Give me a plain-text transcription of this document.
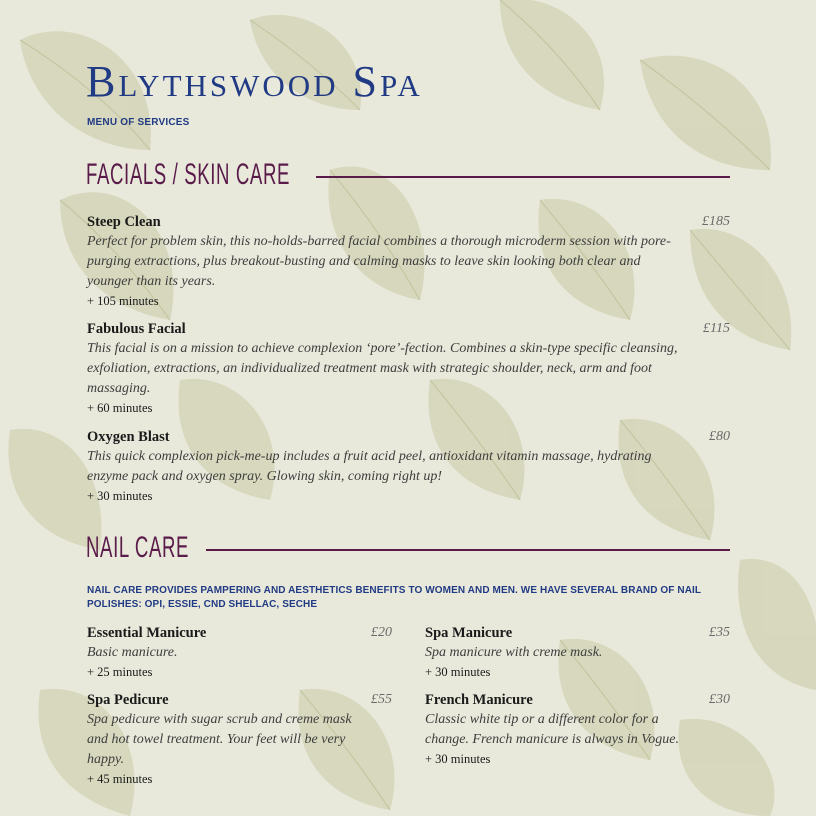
Blythswood Spa
MENU OF SERVICES
FACIALS / SKIN CARE
Steep Clean	£185
Perfect for problem skin, this no-holds-barred facial combines a thorough microderm session with pore-purging extractions, plus breakout-busting and calming masks to leave skin looking both clear and younger than its years.
+ 105 minutes
Fabulous Facial	£115
This facial is on a mission to achieve complexion ‘pore’-fection. Combines a skin-type specific cleansing, exfoliation, extractions, an individualized treatment mask with strategic shoulder, neck, arm and foot massaging.
+ 60 minutes
Oxygen Blast	£80
This quick complexion pick-me-up includes a fruit acid peel, antioxidant vitamin massage, hydrating enzyme pack and oxygen spray. Glowing skin, coming right up!
+ 30 minutes
NAIL CARE
NAIL CARE PROVIDES PAMPERING AND AESTHETICS BENEFITS TO WOMEN AND MEN. WE HAVE SEVERAL BRAND OF NAIL POLISHES: OPI, ESSIE, CND SHELLAC, SECHE
Essential Manicure	£20
Basic manicure.
+ 25 minutes
Spa Manicure	£35
Spa manicure with creme mask.
+ 30 minutes
Spa Pedicure	£55
Spa pedicure with sugar scrub and creme mask and hot towel treatment. Your feet will be very happy.
+ 45 minutes
French Manicure	£30
Classic white tip or a different color for a change. French manicure is always in Vogue.
+ 30 minutes
